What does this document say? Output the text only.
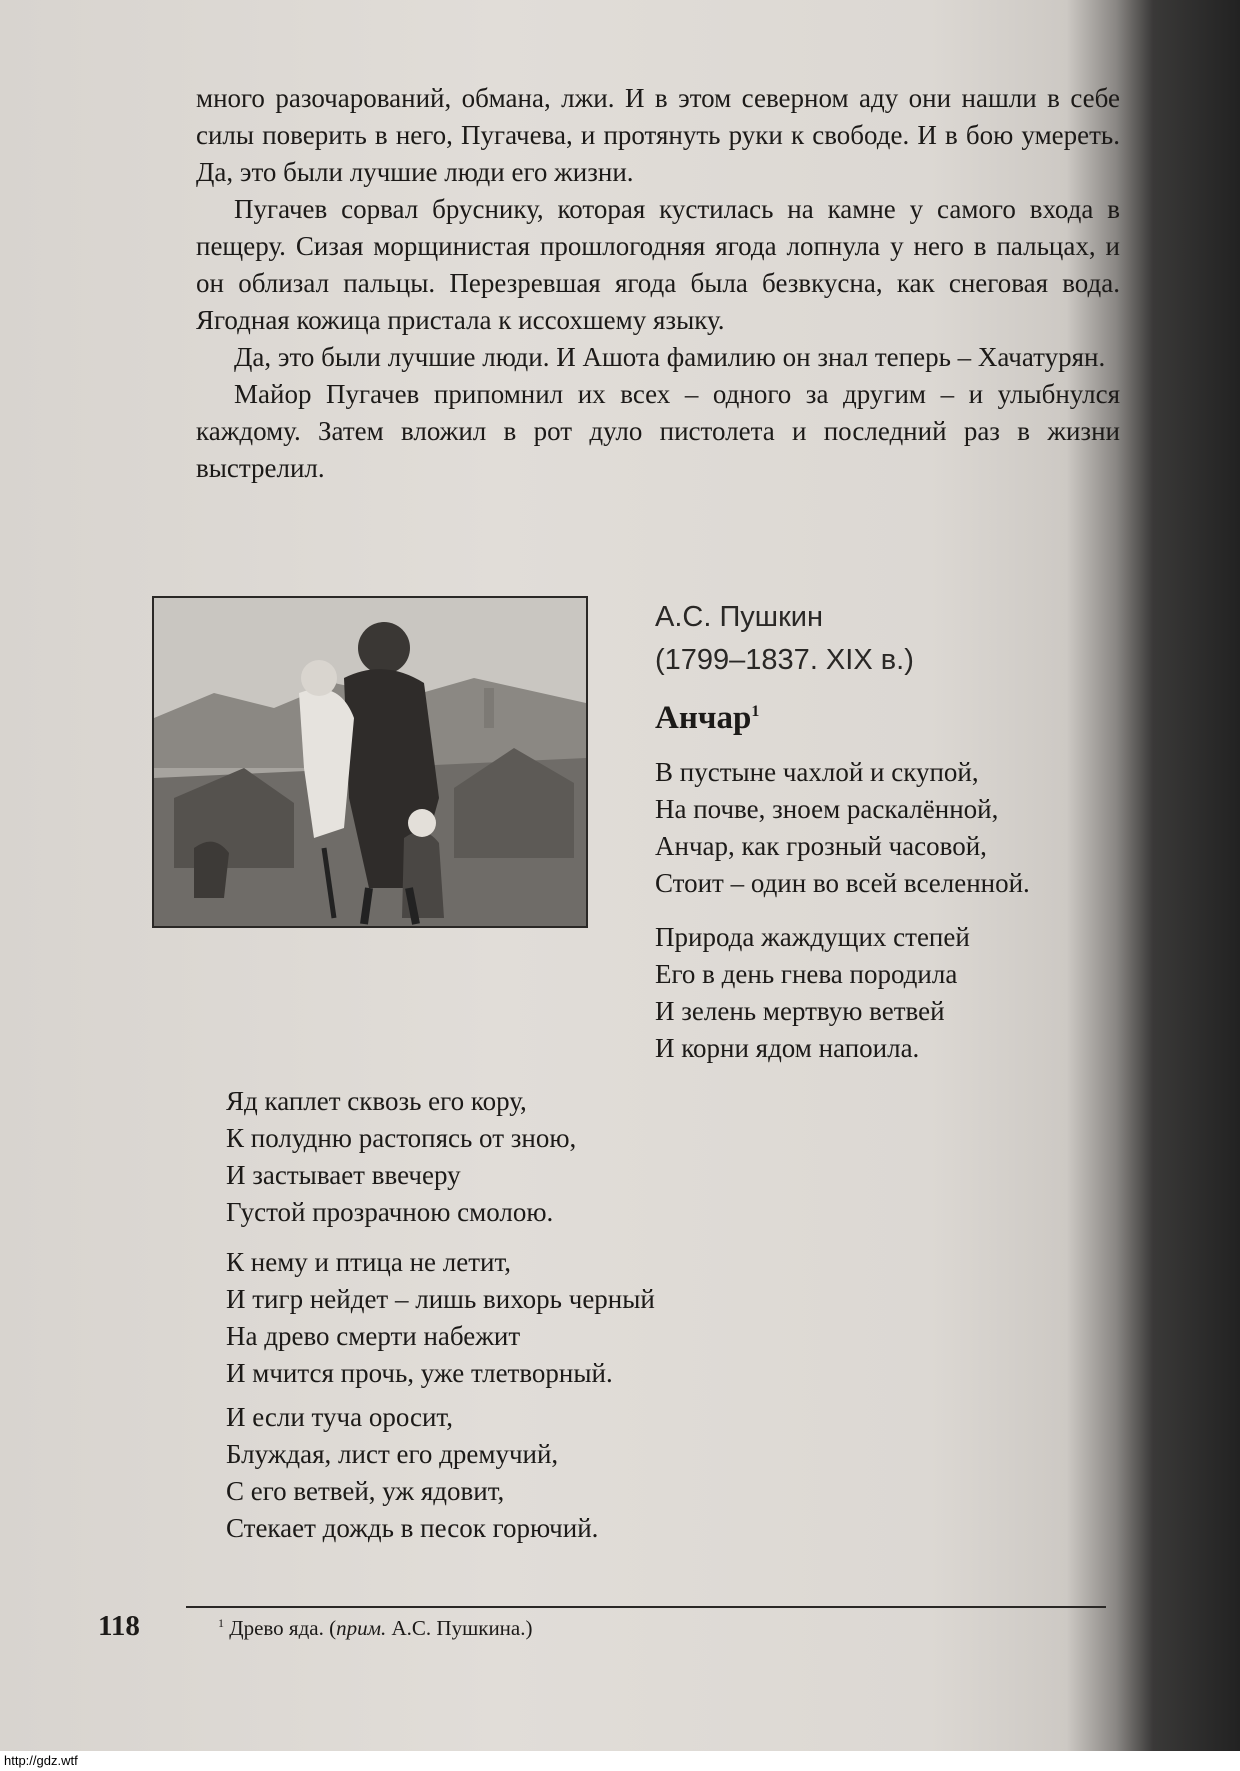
много разочарований, обмана, лжи. И в этом северном аду они нашли в себе силы поверить в него, Пугачева, и протянуть руки к свободе. И в бою умереть. Да, это были лучшие люди его жизни.

Пугачев сорвал бруснику, которая кустилась на камне у самого входа в пещеру. Сизая морщинистая прошлогодняя ягода лопнула у него в пальцах, и он облизал пальцы. Перезревшая ягода была безвкусна, как снеговая вода. Ягодная кожица пристала к иссохшему языку.

Да, это были лучшие люди. И Ашота фамилию он знал теперь – Хачатурян.

Майор Пугачев припомнил их всех – одного за другим – и улыбнулся каждому. Затем вложил в рот дуло пистолета и последний раз в жизни выстрелил.

А.С. Пушкин
(1799–1837. XIX в.)
Анчар$^1$
В пустыне чахлой и скупой,
На почве, зноем раскалённой,
Анчар, как грозный часовой,
Стоит – один во всей вселенной.
Природа жаждущих степей
Его в день гнева породила
И зелень мертвую ветвей
И корни ядом напоила.
Яд каплет сквозь его кору,
К полудню растопясь от зною,
И застывает ввечеру
Густой прозрачною смолою.
К нему и птица не летит,
И тигр нейдет – лишь вихорь черный
На древо смерти набежит
И мчится прочь, уже тлетворный.
И если туча оросит,
Блуждая, лист его дремучий,
С его ветвей, уж ядовит,
Стекает дождь в песок горючий.
118	$^1$ Древо яда. (прим. А.С. Пушкина.)
http://gdz.wtf
